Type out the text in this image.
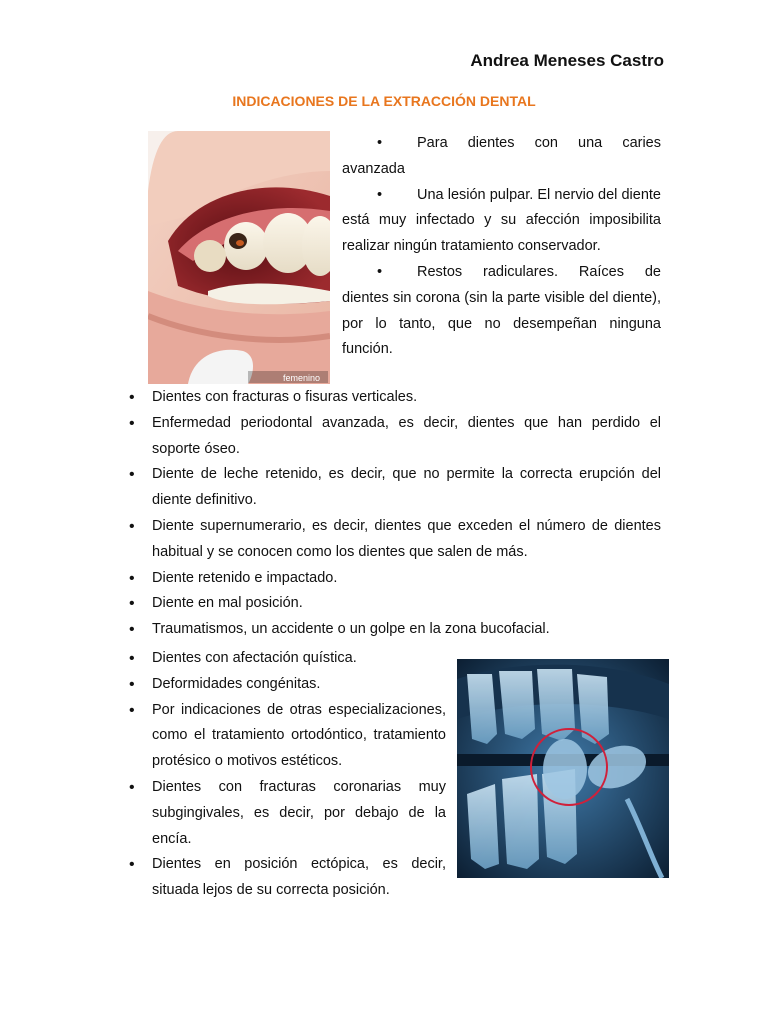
Andrea Meneses Castro
INDICACIONES DE LA EXTRACCIÓN DENTAL
femenino
• Para dientes con una caries avanzada
• Una lesión pulpar. El nervio del diente está muy infectado y su afección imposibilita realizar ningún tratamiento conservador.
• Restos radiculares. Raíces de dientes sin corona (sin la parte visible del diente), por lo tanto, que no desempeñan ninguna función.
• Dientes con fracturas o fisuras verticales.
• Enfermedad periodontal avanzada, es decir, dientes que han perdido el soporte óseo.
• Diente de leche retenido, es decir, que no permite la correcta erupción del diente definitivo.
• Diente supernumerario, es decir, dientes que exceden el número de dientes habitual y se conocen como los dientes que salen de más.
• Diente retenido e impactado.
• Diente en mal posición.
• Traumatismos, un accidente o un golpe en la zona bucofacial.
• Dientes con afectación quística.
• Deformidades congénitas.
• Por indicaciones de otras especializaciones, como el tratamiento ortodóntico, tratamiento protésico o motivos estéticos.
• Dientes con fracturas coronarias muy subgingivales, es decir, por debajo de la encía.
• Dientes en posición ectópica, es decir, situada lejos de su correcta posición.
